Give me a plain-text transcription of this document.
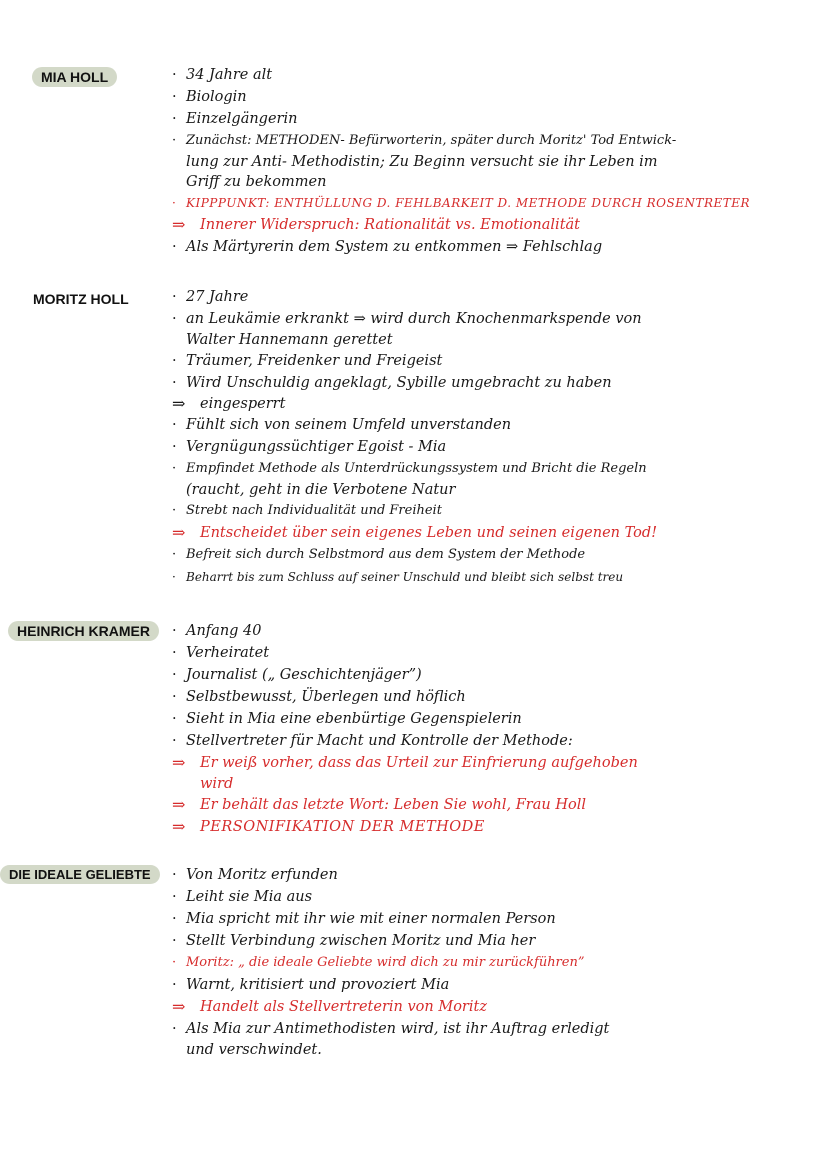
MIA HOLL	· 34 Jahre alt
· Biologin
· Einzelgängerin
· Zunächst: METHODEN- Befürworterin, später durch Moritz' Tod Entwick-
lung zur Anti- Methodistin; Zu Beginn versucht sie ihr Leben im
Griff zu bekommen
· KIPPPUNKT: ENTHÜLLUNG D. FEHLBARKEIT D. METHODE DURCH ROSENTRETER
⇒	Innerer Widerspruch: Rationalität vs. Emotionalität
· Als Märtyrerin dem System zu entkommen ⇒ Fehlschlag
MORITZ HOLL	· 27 Jahre
· an Leukämie erkrankt ⇒ wird durch Knochenmarkspende von
Walter Hannemann gerettet
· Träumer, Freidenker und Freigeist
· Wird Unschuldig angeklagt, Sybille umgebracht zu haben
⇒	eingesperrt
· Fühlt sich von seinem Umfeld unverstanden
· Vergnügungssüchtiger Egoist - Mia
· Empfindet Methode als Unterdrückungssystem und Bricht die Regeln
(raucht, geht in die Verbotene Natur
· Strebt nach Individualität und Freiheit
⇒	Entscheidet über sein eigenes Leben und seinen eigenen Tod!
· Befreit sich durch Selbstmord aus dem System der Methode
· Beharrt bis zum Schluss auf seiner Unschuld und bleibt sich selbst treu
HEINRICH KRAMER	· Anfang 40
· Verheiratet
· Journalist („ Geschichtenjäger”)
· Selbstbewusst, Überlegen und höflich
· Sieht in Mia eine ebenbürtige Gegenspielerin
· Stellvertreter für Macht und Kontrolle der Methode:
⇒	Er weiß vorher, dass das Urteil zur Einfrierung aufgehoben
wird
⇒	Er behält das letzte Wort: Leben Sie wohl, Frau Holl
⇒ PERSONIFIKATION DER METHODE
DIE IDEALE GELIEBTE	· Von Moritz erfunden
· Leiht sie Mia aus
· Mia spricht mit ihr wie mit einer normalen Person
· Stellt Verbindung zwischen Moritz und Mia her
· Moritz: „ die ideale Geliebte wird dich zu mir zurückführen”
· Warnt, kritisiert und provoziert Mia
⇒	Handelt als Stellvertreterin von Moritz
· Als Mia zur Antimethodisten wird, ist ihr Auftrag erledigt
und verschwindet.
